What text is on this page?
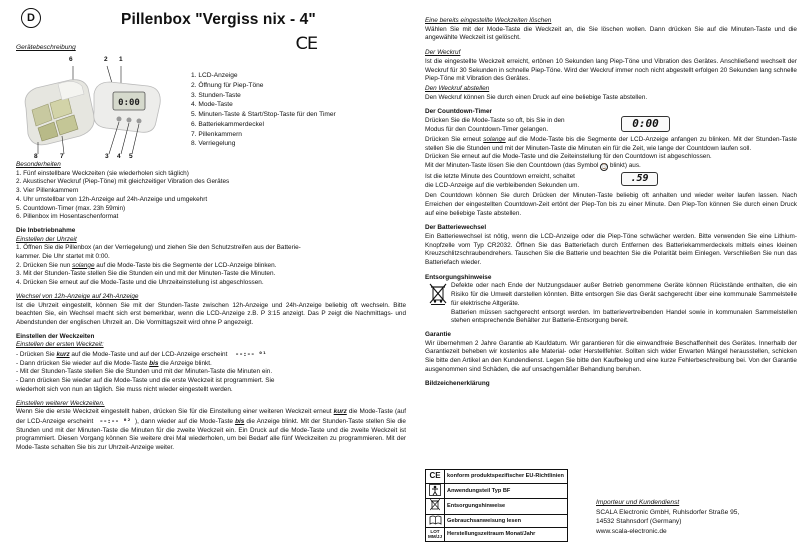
D	Pillenbox "Vergiss nix - 4"
CE
Gerätebeschreibung
6	2 1
0:00
8	7	3 4 5
1. LCD-Anzeige
2. Öffnung für Piep-Töne
3. Stunden-Taste
4. Mode-Taste
5. Minuten-Taste & Start/Stop-Taste für den Timer
6. Batteriekammerdeckel
7. Pillenkammern
8. Verriegelung
Besonderheiten
1. Fünf einstellbare Weckzeiten (sie wiederholen sich täglich)
2. Akustischer Weckruf (Piep-Töne) mit gleichzeitiger Vibration des Gerätes
3. Vier Pillenkammern
4. Uhr umstellbar von 12h-Anzeige auf 24h-Anzeige und umgekehrt
5. Countdown-Timer (max. 23h 59min)
6. Pillenbox im Hosentaschenformat
Die Inbetriebnahme
Einstellen der Uhrzeit
1. Öffnen Sie die Pillenbox (an der Verriegelung) und ziehen Sie den Schutzstreifen aus der Batterie-
kammer. Die Uhr startet mit 0:00.
2. Drücken Sie nun solange auf die Mode-Taste bis die Segmente der LCD-Anzeige blinken.
3. Mit der Stunden-Taste stellen Sie die Stunden ein und mit der Minuten-Taste die Minuten.
4. Drücken Sie erneut auf die Mode-Taste und die Uhrzeiteinstellung ist abgeschlossen.
Wechsel von 12h-Anzeige auf 24h-Anzeige

Ist die Uhrzeit eingestellt, können Sie mit der Stunden-Taste zwischen 12h-Anzeige und 24h-Anzeige beliebig oft wechseln. Bitte beachten Sie, ein Wechsel macht sich erst bemerkbar, wenn die LCD-Anzeige z.B. P 3:15 anzeigt. Das P zeigt die Nachmittags- und Abendstunden der englischen Uhrzeit an. Die Vormittagszeit wird ohne P angezeigt.

Einstellen der Weckzeiten
Einstellen der ersten Weckzeit:
- Drücken Sie kurz auf die Mode-Taste und auf der LCD-Anzeige erscheint --:-- ⁰¹
- Dann drücken Sie wieder auf die Mode-Taste bis die Anzeige blinkt.
- Mit der Stunden-Taste stellen Sie die Stunden und mit der Minuten-Taste die Minuten ein.
- Dann drücken Sie wieder auf die Mode-Taste und die erste Weckzeit ist programmiert. Sie
wiederholt sich von nun an täglich. Sie muss nicht wieder eingestellt werden.
Einstellen weiterer Weckzeiten.

Wenn Sie die erste Weckzeit eingestellt haben, drücken Sie für die Einstellung einer weiteren Weckzeit erneut kurz die Mode-Taste (auf der LCD-Anzeige erscheint --:-- ⁰² ), dann wieder auf die Mode-Taste bis die Anzeige blinkt. Mit der Stunden-Taste stellen Sie die Stunden und mit der Minuten-Taste die Minuten für die zweite Weckzeit ein. Ein Druck auf die Mode-Taste und die zweite Weckzeit ist programmiert. Diesen Vorgang können Sie weitere drei Mal wiederholen, um bei Bedarf alle fünf Weckzeiten zu programmieren. Mit der Mode-Taste schalten Sie bis zur Uhrzeit-Anzeige weiter.

Eine bereits eingestellte Weckzeiten löschen

Wählen Sie mit der Mode-Taste die Weckzeit an, die Sie löschen wollen. Dann drücken Sie auf die Minuten-Taste und die angewählte Weckzeit ist gelöscht.

Der Weckruf

Ist die eingestellte Weckzeit erreicht, ertönen 10 Sekunden lang Piep-Töne und Vibration des Gerätes. Anschließend wechselt der Weckruf für 30 Sekunden in schnelle Piep-Töne. Wird der Weckruf immer noch nicht abgestellt erfolgen 20 Sekunden lang schnelle Piep-Töne mit Vibration des Gerätes.

Den Weckruf abstellen

Den Weckruf können Sie durch einen Druck auf eine beliebige Taste abstellen.

Der Countdown-Timer
Drücken Sie die Mode-Taste so oft, bis Sie in den
Modus für den Countdown-Timer gelangen.	0:00

Drücken Sie erneut solange auf die Mode-Taste bis die Segmente der LCD-Anzeige anfangen zu blinken. Mit der Stunden-Taste stellen Sie die Stunden und mit der Minuten-Taste die Minuten ein für die Zeit, wie lange der Countdown laufen soll.

Drücken Sie erneut auf die Mode-Taste und die Zeiteinstellung für den Countdown ist abgeschlossen.

Mit der Minuten-Taste lösen Sie den Countdown (das Symbol ⌚ blinkt) aus.

Ist die letzte Minute des Countdown erreicht, schaltet
die LCD-Anzeige auf die verbleibenden Sekunden um.
.59

Den Countdown können Sie durch Drücken der Minuten-Taste beliebig oft anhalten und wieder weiter laufen lassen. Nach Erreichen der eingestellten Countdown-Zeit ertönt der Piep-Ton bis zu einer Minute. Den Piep-Ton können Sie durch einen Druck auf eine beliebige Taste abstellen.

Der Batteriewechsel

Ein Batteriewechsel ist nötig, wenn die LCD-Anzeige oder die Piep-Töne schwächer werden. Bitte verwenden Sie eine Lithium-Knopfzelle vom Typ CR2032. Öffnen Sie das Batteriefach durch Entfernen des Batteriekammerdeckels mittels eines kleinen Kreuzschlitzschraubendrehers. Tauschen Sie die Batterie und beachten Sie die Polarität beim Einlegen. Verschließen Sie nun das Batteriefach wieder.

Entsorgungshinweise

Defekte oder nach Ende der Nutzungsdauer außer Betrieb genommene Geräte können Rückstände enthalten, die ein Risiko für die Umwelt darstellen könnten. Bitte entsorgen Sie das Gerät sachgerecht über eine kommunale Sammelstelle für elektrische Altgeräte.

Batterien müssen sachgerecht entsorgt werden. Im batterievertreibenden Handel sowie in kommunalen Sammelstellen stehen entsprechende Behälter zur Batterie-Entsorgung bereit.

Garantie

Wir übernehmen 2 Jahre Garantie ab Kaufdatum. Wir garantieren für die einwandfreie Beschaffenheit des Gerätes. Innerhalb der Garantiezeit beheben wir kostenlos alle Material- oder Herstellfehler. Sollten sich wider Erwarten Mängel herausstellen, schicken Sie bitte den Artikel an den Kundendienst. Legen Sie bitte den Kaufbeleg und eine kurze Fehlerbeschreibung bei. Von der Garantie ausgenommen sind Schäden, die auf unsachgemäßer Behandlung beruhen.

Bildzeichenerklärung
CE	konform produktspezifischer EU-Richtlinien
	Anwendungsteil Typ BF
	Entsorgungshinweise
	Gebrauchsanweisung lesen
LOT MM/JJ	Herstellungszeitraum Monat/Jahr
Importeur und Kundendienst
SCALA Electronic GmbH, Ruhlsdorfer Straße 95,
14532 Stahnsdorf (Germany)
www.scala-electronic.de
